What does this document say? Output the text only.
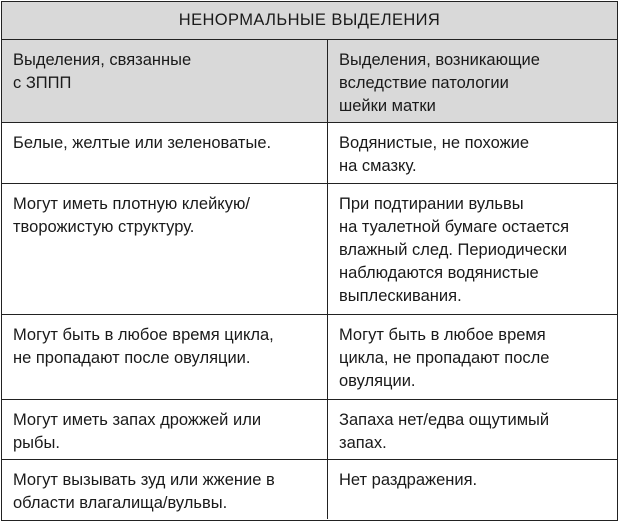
НЕНОРМАЛЬНЫЕ ВЫДЕЛЕНИЯ
Выделения, связанные
с ЗППП
Выделения, возникающие
вследствие патологии
шейки матки
Белые, желтые или зеленоватые.	Водянистые, не похожие
на смазку.
Могут иметь плотную клейкую/
творожистую структуру.
При подтирании вульвы
на туалетной бумаге остается
влажный след. Периодически
наблюдаются водянистые
выплескивания.
Могут быть в любое время цикла,
не пропадают после овуляции.
Могут быть в любое время
цикла, не пропадают после
овуляции.
Могут иметь запах дрожжей или
рыбы.
Запаха нет/едва ощутимый
запах.
Могут вызывать зуд или жжение в
области влагалища/вульвы.
Нет раздражения.
